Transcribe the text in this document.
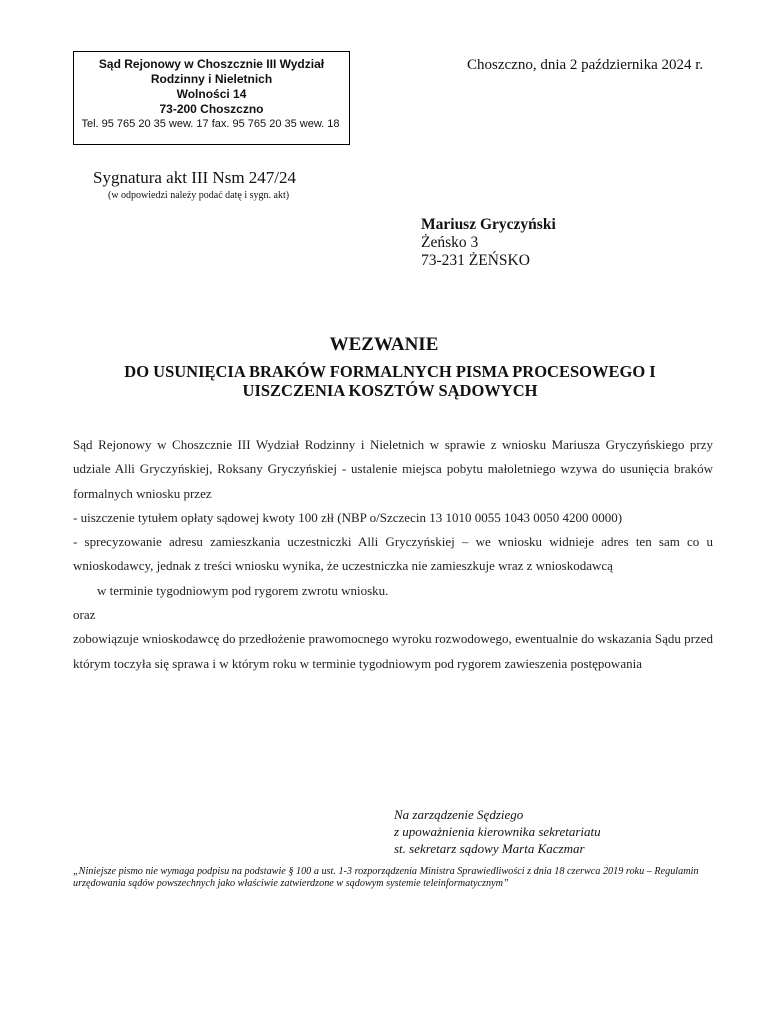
Sąd Rejonowy w Choszcznie III Wydział
Rodzinny i Nieletnich
Wolności 14
73-200 Choszczno
Tel. 95 765 20 35 wew. 17 fax. 95 765 20 35 wew. 18
Choszczno, dnia 2 października 2024 r.
Sygnatura akt III Nsm 247/24
(w odpowiedzi należy podać datę i sygn. akt)
Mariusz Gryczyński
Żeńsko 3
73-231 ŻEŃSKO
WEZWANIE
DO USUNIĘCIA BRAKÓW FORMALNYCH PISMA PROCESOWEGO I UISZCZENIA KOSZTÓW SĄDOWYCH

Sąd Rejonowy w Choszcznie III Wydział Rodzinny i Nieletnich w sprawie z wniosku Mariusza Gryczyńskiego przy udziale Alli Gryczyńskiej, Roksany Gryczyńskiej - ustalenie miejsca pobytu małoletniego wzywa do usunięcia braków formalnych wniosku przez

- uiszczenie tytułem opłaty sądowej kwoty 100 zł‌ł (NBP o/Szczecin 13 1010 0055 1043 0050 4200 0000)

- sprecyzowanie adresu zamieszkania uczestniczki Alli Gryczyńskiej – we wniosku widnieje adres ten sam co u wnioskodawcy, jednak z treści wniosku wynika, że uczestniczka nie zamieszkuje wraz z wnioskodawcą

w terminie tygodniowym pod rygorem zwrotu wniosku.

oraz

zobowiązuje wnioskodawcę do przedłożenie prawomocnego wyroku rozwodowego, ewentualnie do wskazania Sądu przed którym toczyła się sprawa i w którym roku w terminie tygodniowym pod rygorem zawieszenia postępowania

Na zarządzenie Sędziego
z upoważnienia kierownika sekretariatu
st. sekretarz sądowy Marta Kaczmar
„Niniejsze pismo nie wymaga podpisu na podstawie § 100 a ust. 1-3 rozporządzenia Ministra Sprawiedliwości z dnia 18 czerwca 2019 roku – Regulamin urzędowania sądów powszechnych jako właściwie zatwierdzone w sądowym systemie teleinformatycznym”
